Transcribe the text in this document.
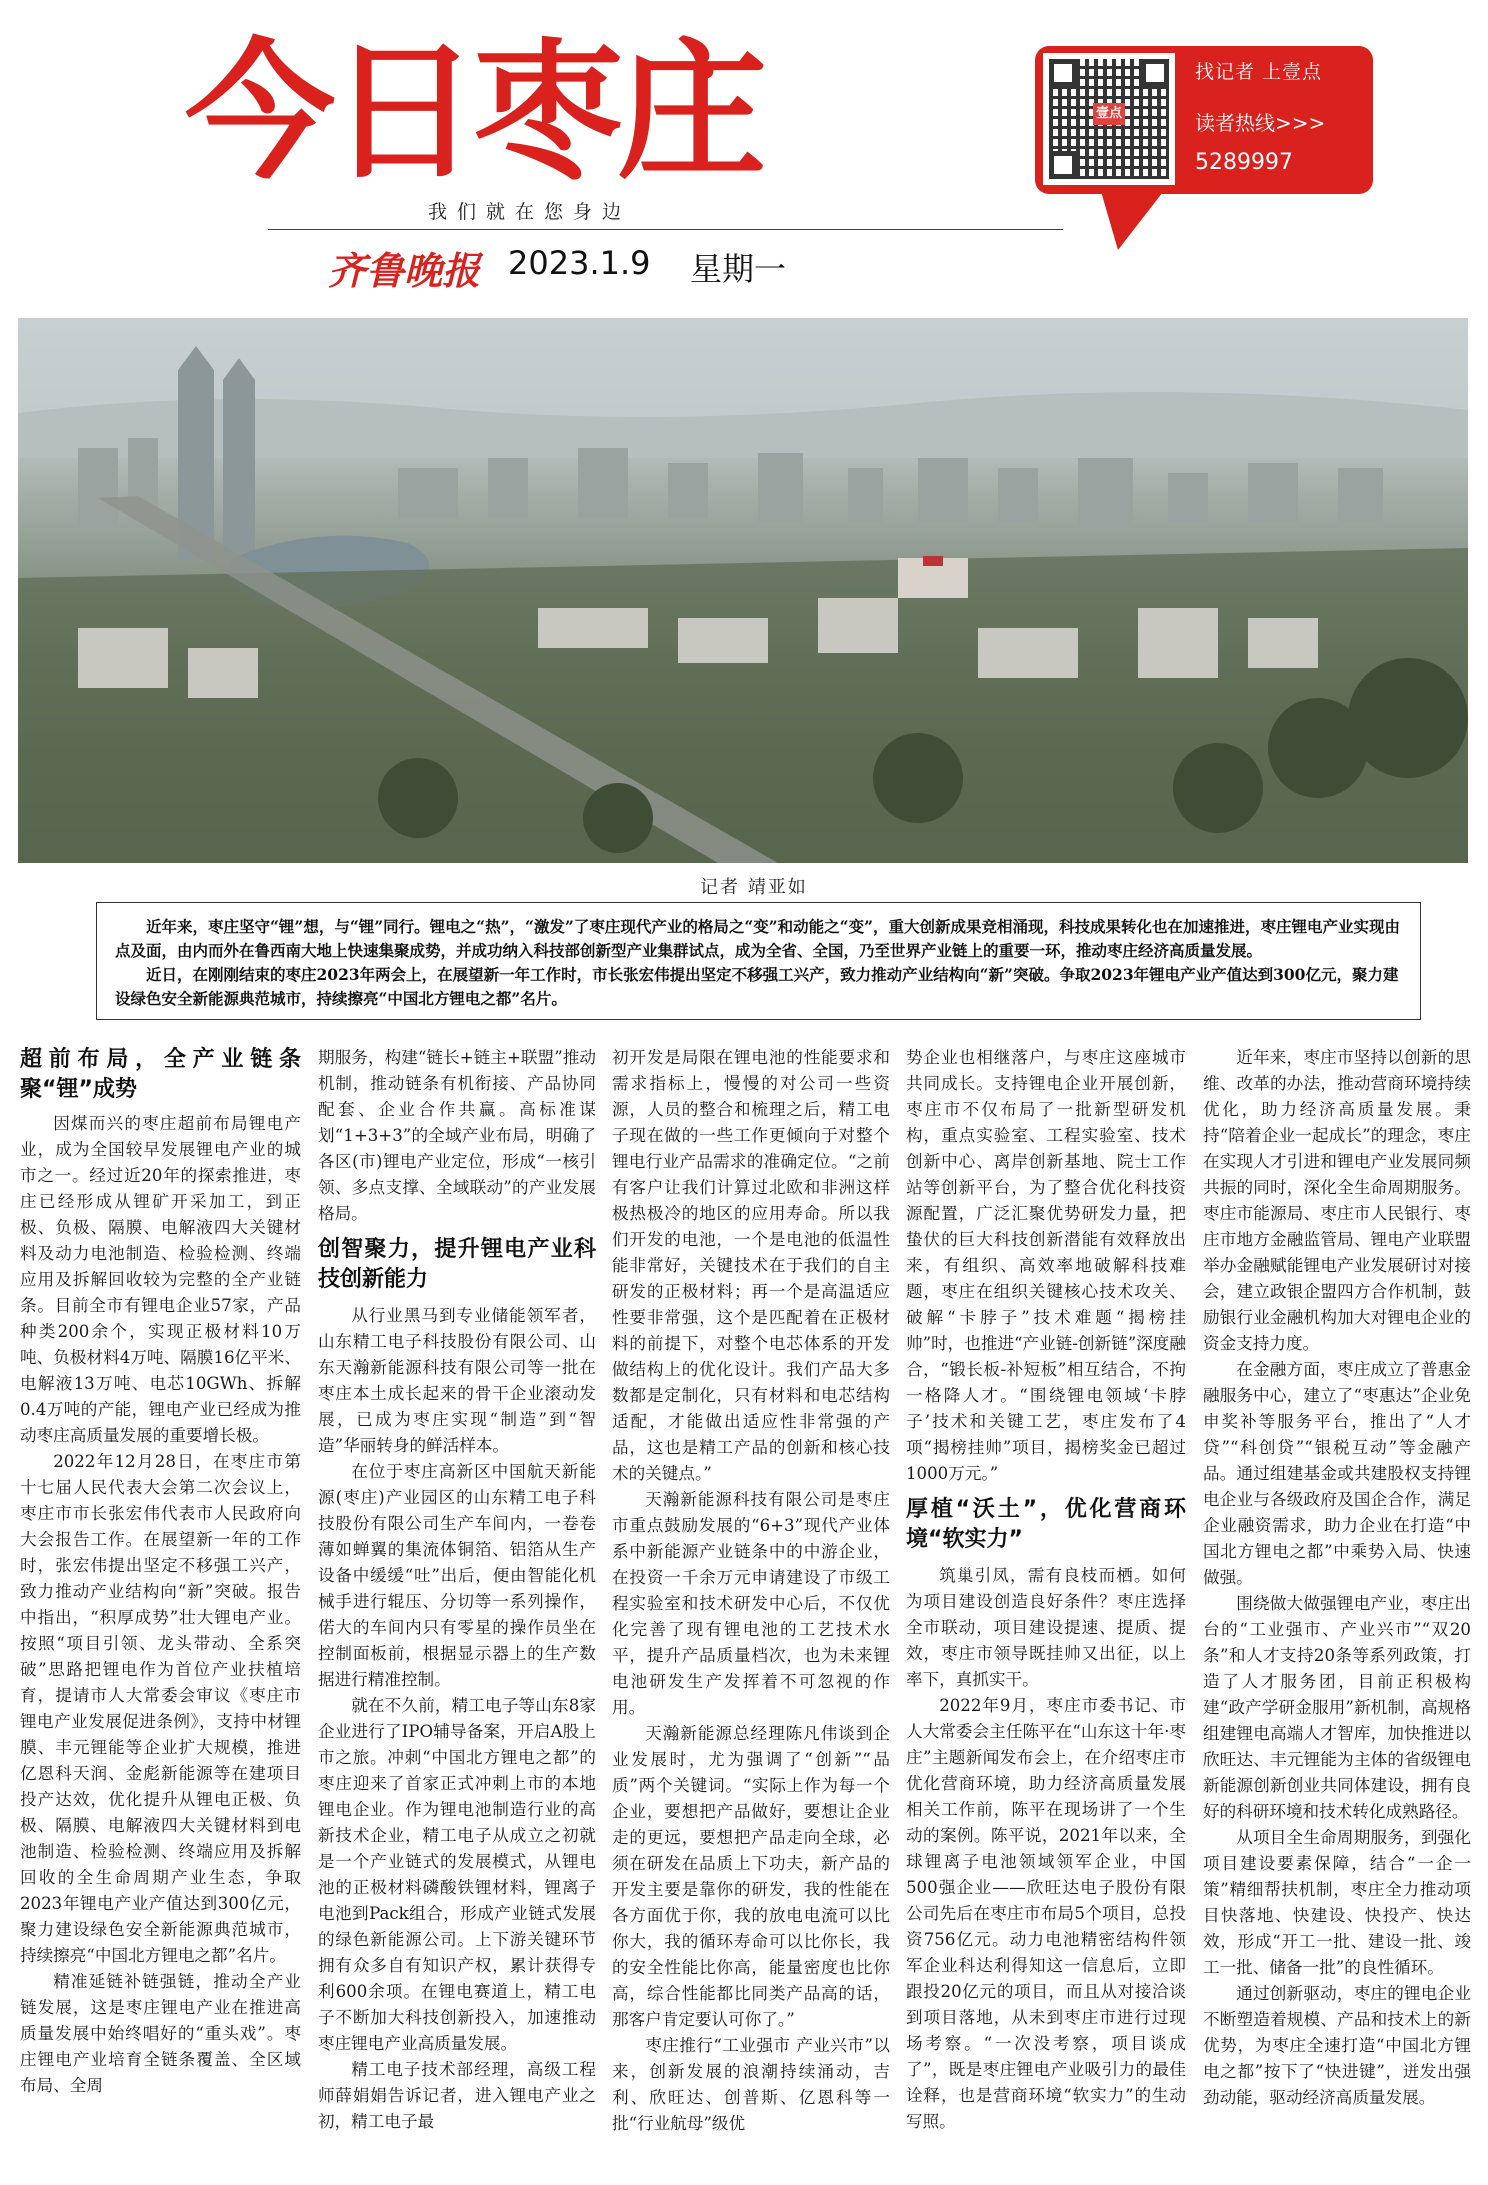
今日枣庄
我们就在您身边
齐鲁晚报 2023.1.9 星期一
壹点
找记者 上壹点
读者热线>>>
5289997
记者 靖亚如

近年来，枣庄坚守“锂”想，与“锂”同行。锂电之“热”，“激发”了枣庄现代产业的格局之“变”和动能之“变”，重大创新成果竞相涌现，科技成果转化也在加速推进，枣庄锂电产业实现由点及面，由内而外在鲁西南大地上快速集聚成势，并成功纳入科技部创新型产业集群试点，成为全省、全国，乃至世界产业链上的重要一环，推动枣庄经济高质量发展。

近日，在刚刚结束的枣庄2023年两会上，在展望新一年工作时，市长张宏伟提出坚定不移强工兴产，致力推动产业结构向“新”突破。争取2023年锂电产业产值达到300亿元，聚力建设绿色安全新能源典范城市，持续擦亮“中国北方锂电之都”名片。

超前布局，全产业链条聚“锂”成势

因煤而兴的枣庄超前布局锂电产业，成为全国较早发展锂电产业的城市之一。经过近20年的探索推进，枣庄已经形成从锂矿开采加工，到正极、负极、隔膜、电解液四大关键材料及动力电池制造、检验检测、终端应用及拆解回收较为完整的全产业链条。目前全市有锂电企业57家，产品种类200余个，实现正极材料10万吨、负极材料4万吨、隔膜16亿平米、电解液13万吨、电芯10GWh、拆解0.4万吨的产能，锂电产业已经成为推动枣庄高质量发展的重要增长极。

2022年12月28日，在枣庄市第十七届人民代表大会第二次会议上，枣庄市市长张宏伟代表市人民政府向大会报告工作。在展望新一年的工作时，张宏伟提出坚定不移强工兴产，致力推动产业结构向“新”突破。报告中指出，“积厚成势”壮大锂电产业。按照“项目引领、龙头带动、全系突破”思路把锂电作为首位产业扶植培育，提请市人大常委会审议《枣庄市锂电产业发展促进条例》，支持中材锂膜、丰元锂能等企业扩大规模，推进亿恩科天润、金彪新能源等在建项目投产达效，优化提升从锂电正极、负极、隔膜、电解液四大关键材料到电池制造、检验检测、终端应用及拆解回收的全生命周期产业生态，争取2023年锂电产业产值达到300亿元，聚力建设绿色安全新能源典范城市，持续擦亮“中国北方锂电之都”名片。

精准延链补链强链，推动全产业链发展，这是枣庄锂电产业在推进高质量发展中始终唱好的“重头戏”。枣庄锂电产业培育全链条覆盖、全区域布局、全周

期服务，构建“链长+链主+联盟”推动机制，推动链条有机衔接、产品协同配套、企业合作共赢。高标准谋划“1+3+3”的全域产业布局，明确了各区(市)锂电产业定位，形成“一核引领、多点支撑、全域联动”的产业发展格局。

创智聚力，提升锂电产业科技创新能力

从行业黑马到专业储能领军者，山东精工电子科技股份有限公司、山东天瀚新能源科技有限公司等一批在枣庄本土成长起来的骨干企业滚动发展，已成为枣庄实现“制造”到“智造”华丽转身的鲜活样本。

在位于枣庄高新区中国航天新能源(枣庄)产业园区的山东精工电子科技股份有限公司生产车间内，一卷卷薄如蝉翼的集流体铜箔、铝箔从生产设备中缓缓“吐”出后，便由智能化机械手进行辊压、分切等一系列操作，偌大的车间内只有零星的操作员坐在控制面板前，根据显示器上的生产数据进行精准控制。

就在不久前，精工电子等山东8家企业进行了IPO辅导备案，开启A股上市之旅。冲刺“中国北方锂电之都”的枣庄迎来了首家正式冲刺上市的本地锂电企业。作为锂电池制造行业的高新技术企业，精工电子从成立之初就是一个产业链式的发展模式，从锂电池的正极材料磷酸铁锂材料，锂离子电池到Pack组合，形成产业链式发展的绿色新能源公司。上下游关键环节拥有众多自有知识产权，累计获得专利600余项。在锂电赛道上，精工电子不断加大科技创新投入，加速推动枣庄锂电产业高质量发展。

精工电子技术部经理，高级工程师薛娟娟告诉记者，进入锂电产业之初，精工电子最

初开发是局限在锂电池的性能要求和需求指标上，慢慢的对公司一些资源，人员的整合和梳理之后，精工电子现在做的一些工作更倾向于对整个锂电行业产品需求的准确定位。“之前有客户让我们计算过北欧和非洲这样极热极冷的地区的应用寿命。所以我们开发的电池，一个是电池的低温性能非常好，关键技术在于我们的自主研发的正极材料；再一个是高温适应性要非常强，这个是匹配着在正极材料的前提下，对整个电芯体系的开发做结构上的优化设计。我们产品大多数都是定制化，只有材料和电芯结构适配，才能做出适应性非常强的产品，这也是精工产品的创新和核心技术的关键点。”

天瀚新能源科技有限公司是枣庄市重点鼓励发展的“6+3”现代产业体系中新能源产业链条中的中游企业，在投资一千余万元申请建设了市级工程实验室和技术研发中心后，不仅优化完善了现有锂电池的工艺技术水平，提升产品质量档次，也为未来锂电池研发生产发挥着不可忽视的作用。

天瀚新能源总经理陈凡伟谈到企业发展时，尤为强调了“创新”“品质”两个关键词。“实际上作为每一个企业，要想把产品做好，要想让企业走的更远，要想把产品走向全球，必须在研发在品质上下功夫，新产品的开发主要是靠你的研发，我的性能在各方面优于你，我的放电电流可以比你大，我的循环寿命可以比你长，我的安全性能比你高，能量密度也比你高，综合性能都比同类产品高的话，那客户肯定要认可你了。”

枣庄推行“工业强市 产业兴市”以来，创新发展的浪潮持续涌动，吉利、欣旺达、创普斯、亿恩科等一批“行业航母”级优

势企业也相继落户，与枣庄这座城市共同成长。支持锂电企业开展创新，枣庄市不仅布局了一批新型研发机构，重点实验室、工程实验室、技术创新中心、离岸创新基地、院士工作站等创新平台，为了整合优化科技资源配置，广泛汇聚优势研发力量，把蛰伏的巨大科技创新潜能有效释放出来，有组织、高效率地破解科技难题，枣庄在组织关键核心技术攻关、破解“卡脖子”技术难题“揭榜挂帅”时，也推进“产业链-创新链”深度融合，“锻长板-补短板”相互结合，不拘一格降人才。“围绕锂电领域‘卡脖子’技术和关键工艺，枣庄发布了4项“揭榜挂帅”项目，揭榜奖金已超过1000万元。”

厚植“沃土”，优化营商环境“软实力”

筑巢引凤，需有良枝而栖。如何为项目建设创造良好条件？枣庄选择全市联动，项目建设提速、提质、提效，枣庄市领导既挂帅又出征，以上率下，真抓实干。

2022年9月，枣庄市委书记、市人大常委会主任陈平在“山东这十年·枣庄”主题新闻发布会上，在介绍枣庄市优化营商环境，助力经济高质量发展相关工作前，陈平在现场讲了一个生动的案例。陈平说，2021年以来，全球锂离子电池领域领军企业，中国500强企业——欣旺达电子股份有限公司先后在枣庄市布局5个项目，总投资756亿元。动力电池精密结构件领军企业科达利得知这一信息后，立即跟投20亿元的项目，而且从对接洽谈到项目落地，从未到枣庄市进行过现场考察。“一次没考察，项目谈成了”，既是枣庄锂电产业吸引力的最佳诠释，也是营商环境“软实力”的生动写照。

近年来，枣庄市坚持以创新的思维、改革的办法，推动营商环境持续优化，助力经济高质量发展。秉持“陪着企业一起成长”的理念，枣庄在实现人才引进和锂电产业发展同频共振的同时，深化全生命周期服务。枣庄市能源局、枣庄市人民银行、枣庄市地方金融监管局、锂电产业联盟举办金融赋能锂电产业发展研讨对接会，建立政银企盟四方合作机制，鼓励银行业金融机构加大对锂电企业的资金支持力度。

在金融方面，枣庄成立了普惠金融服务中心，建立了“枣惠达”企业免申奖补等服务平台，推出了“人才贷”“科创贷”“银税互动”等金融产品。通过组建基金或共建股权支持锂电企业与各级政府及国企合作，满足企业融资需求，助力企业在打造“中国北方锂电之都”中乘势入局、快速做强。

围绕做大做强锂电产业，枣庄出台的“工业强市、产业兴市”“双20条”和人才支持20条等系列政策，打造了人才服务团，目前正积极构建“政产学研金服用”新机制，高规格组建锂电高端人才智库，加快推进以欣旺达、丰元锂能为主体的省级锂电新能源创新创业共同体建设，拥有良好的科研环境和技术转化成熟路径。

从项目全生命周期服务，到强化项目建设要素保障，结合“一企一策”精细帮扶机制，枣庄全力推动项目快落地、快建设、快投产、快达效，形成“开工一批、建设一批、竣工一批、储备一批”的良性循环。

通过创新驱动，枣庄的锂电企业不断塑造着规模、产品和技术上的新优势，为枣庄全速打造“中国北方锂电之都”按下了“快进键”，迸发出强劲动能，驱动经济高质量发展。
